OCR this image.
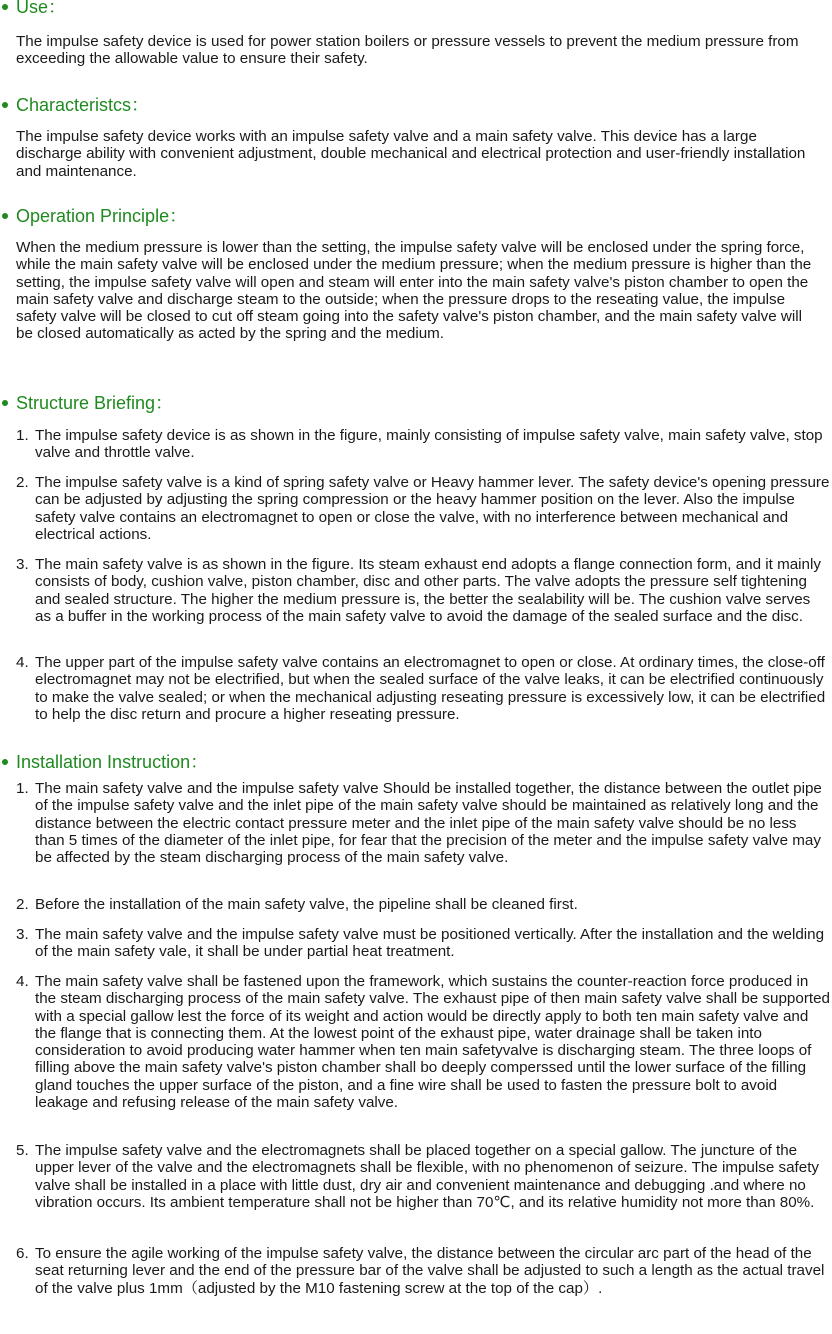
Use：

The impulse safety device is used for power station boilers or pressure vessels to prevent the medium pressure from exceeding the allowable value to ensure their safety.

Characteristcs：

The impulse safety device works with an impulse safety valve and a main safety valve. This device has a large discharge ability with convenient adjustment, double mechanical and electrical protection and user-friendly installation and maintenance.

Operation Principle：

When the medium pressure is lower than the setting, the impulse safety valve will be enclosed under the spring force, while the main safety valve will be enclosed under the medium pressure; when the medium pressure is higher than the setting, the impulse safety valve will open and steam will enter into the main safety valve's piston chamber to open the main safety valve and discharge steam to the outside; when the pressure drops to the reseating value, the impulse safety valve will be closed to cut off steam going into the safety valve's piston chamber, and the main safety valve will be closed automatically as acted by the spring and the medium.

Structure Briefing：
1. The impulse safety device is as shown in the figure, mainly consisting of impulse safety valve, main safety valve, stop valve and throttle valve.
2. The impulse safety valve is a kind of spring safety valve or Heavy hammer lever. The safety device's opening pressure can be adjusted by adjusting the spring compression or the heavy hammer position on the lever. Also the impulse safety valve contains an electromagnet to open or close the valve, with no interference between mechanical and electrical actions.
3. The main safety valve is as shown in the figure. Its steam exhaust end adopts a flange connection form, and it mainly consists of body, cushion valve, piston chamber, disc and other parts. The valve adopts the pressure self tightening and sealed structure. The higher the medium pressure is, the better the sealability will be. The cushion valve serves as a buffer in the working process of the main safety valve to avoid the damage of the sealed surface and the disc.
4. The upper part of the impulse safety valve contains an electromagnet to open or close. At ordinary times, the close-off electromagnet may not be electrified, but when the sealed surface of the valve leaks, it can be electrified continuously to make the valve sealed; or when the mechanical adjusting reseating pressure is excessively low, it can be electrified to help the disc return and procure a higher reseating pressure.
Installation Instruction：
1. The main safety valve and the impulse safety valve Should be installed together, the distance between the outlet pipe of the impulse safety valve and the inlet pipe of the main safety valve should be maintained as relatively long and the distance between the electric contact pressure meter and the inlet pipe of the main safety valve should be no less than 5 times of the diameter of the inlet pipe, for fear that the precision of the meter and the impulse safety valve may be affected by the steam discharging process of the main safety valve.
2. Before the installation of the main safety valve, the pipeline shall be cleaned first.
3. The main safety valve and the impulse safety valve must be positioned vertically. After the installation and the welding of the main safety vale, it shall be under partial heat treatment.
4. The main safety valve shall be fastened upon the framework, which sustains the counter-reaction force produced in the steam discharging process of the main safety valve. The exhaust pipe of then main safety valve shall be supported with a special gallow lest the force of its weight and action would be directly apply to both ten main safety valve and the flange that is connecting them. At the lowest point of the exhaust pipe, water drainage shall be taken into consideration to avoid producing water hammer when ten main safetyvalve is discharging steam. The three loops of filling above the main safety valve's piston chamber shall bo deeply comperssed until the lower surface of the filling gland touches the upper surface of the piston, and a fine wire shall be used to fasten the pressure bolt to avoid leakage and refusing release of the main safety valve.
5. The impulse safety valve and the electromagnets shall be placed together on a special gallow. The juncture of the upper lever of the valve and the electromagnets shall be flexible, with no phenomenon of seizure. The impulse safety valve shall be installed in a place with little dust, dry air and convenient maintenance and debugging .and where no vibration occurs. Its ambient temperature shall not be higher than 70℃, and its relative humidity not more than 80%.
6. To ensure the agile working of the impulse safety valve, the distance between the circular arc part of the head of the seat returning lever and the end of the pressure bar of the valve shall be adjusted to such a length as the actual travel of the valve plus 1mm（adjusted by the M10 fastening screw at the top of the cap）.
